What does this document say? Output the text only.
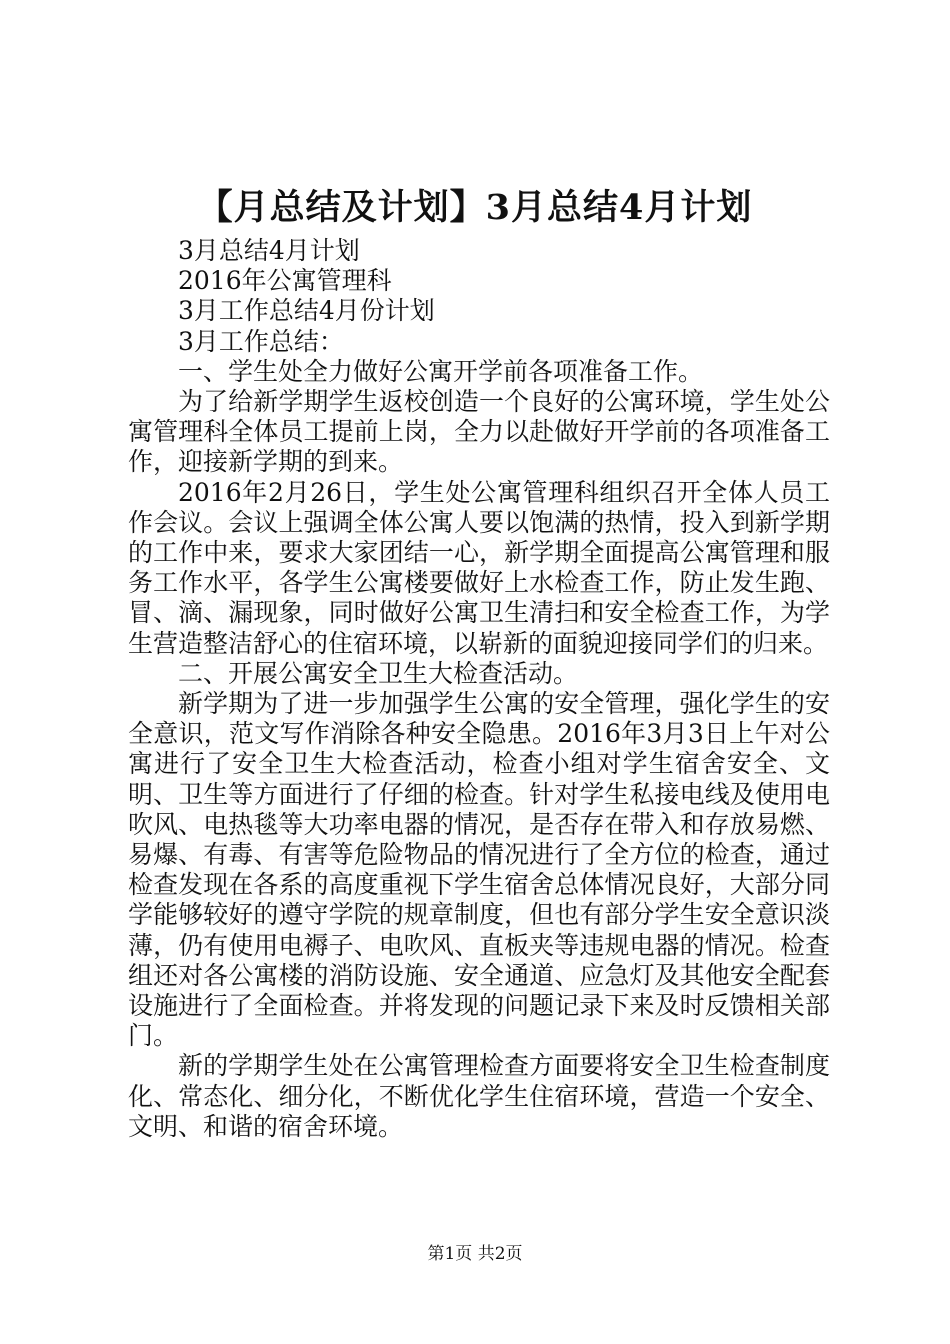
【月总结及计划】3月总结4月计划

3月总结4月计划

2016年公寓管理科

3月工作总结4月份计划

3月工作总结：

一、学生处全力做好公寓开学前各项准备工作。

为了给新学期学生返校创造一个良好的公寓环境，学生处公寓管理科全体员工提前上岗，全力以赴做好开学前的各项准备工作，迎接新学期的到来。

2016年2月26日，学生处公寓管理科组织召开全体人员工作会议。会议上强调全体公寓人要以饱满的热情，投入到新学期的工作中来，要求大家团结一心，新学期全面提高公寓管理和服务工作水平，各学生公寓楼要做好上水检查工作，防止发生跑、冒、滴、漏现象，同时做好公寓卫生清扫和安全检查工作，为学生营造整洁舒心的住宿环境，以崭新的面貌迎接同学们的归来。

二、开展公寓安全卫生大检查活动。

新学期为了进一步加强学生公寓的安全管理，强化学生的安全意识，范文写作消除各种安全隐患。2016年3月3日上午对公寓进行了安全卫生大检查活动，检查小组对学生宿舍安全、文明、卫生等方面进行了仔细的检查。针对学生私接电线及使用电吹风、电热毯等大功率电器的情况，是否存在带入和存放易燃、易爆、有毒、有害等危险物品的情况进行了全方位的检查，通过检查发现在各系的高度重视下学生宿舍总体情况良好，大部分同学能够较好的遵守学院的规章制度，但也有部分学生安全意识淡薄，仍有使用电褥子、电吹风、直板夹等违规电器的情况。检查组还对各公寓楼的消防设施、安全通道、应急灯及其他安全配套设施进行了全面检查。并将发现的问题记录下来及时反馈相关部门。

新的学期学生处在公寓管理检查方面要将安全卫生检查制度化、常态化、细分化，不断优化学生住宿环境，营造一个安全、文明、和谐的宿舍环境。

第1页 共2页
